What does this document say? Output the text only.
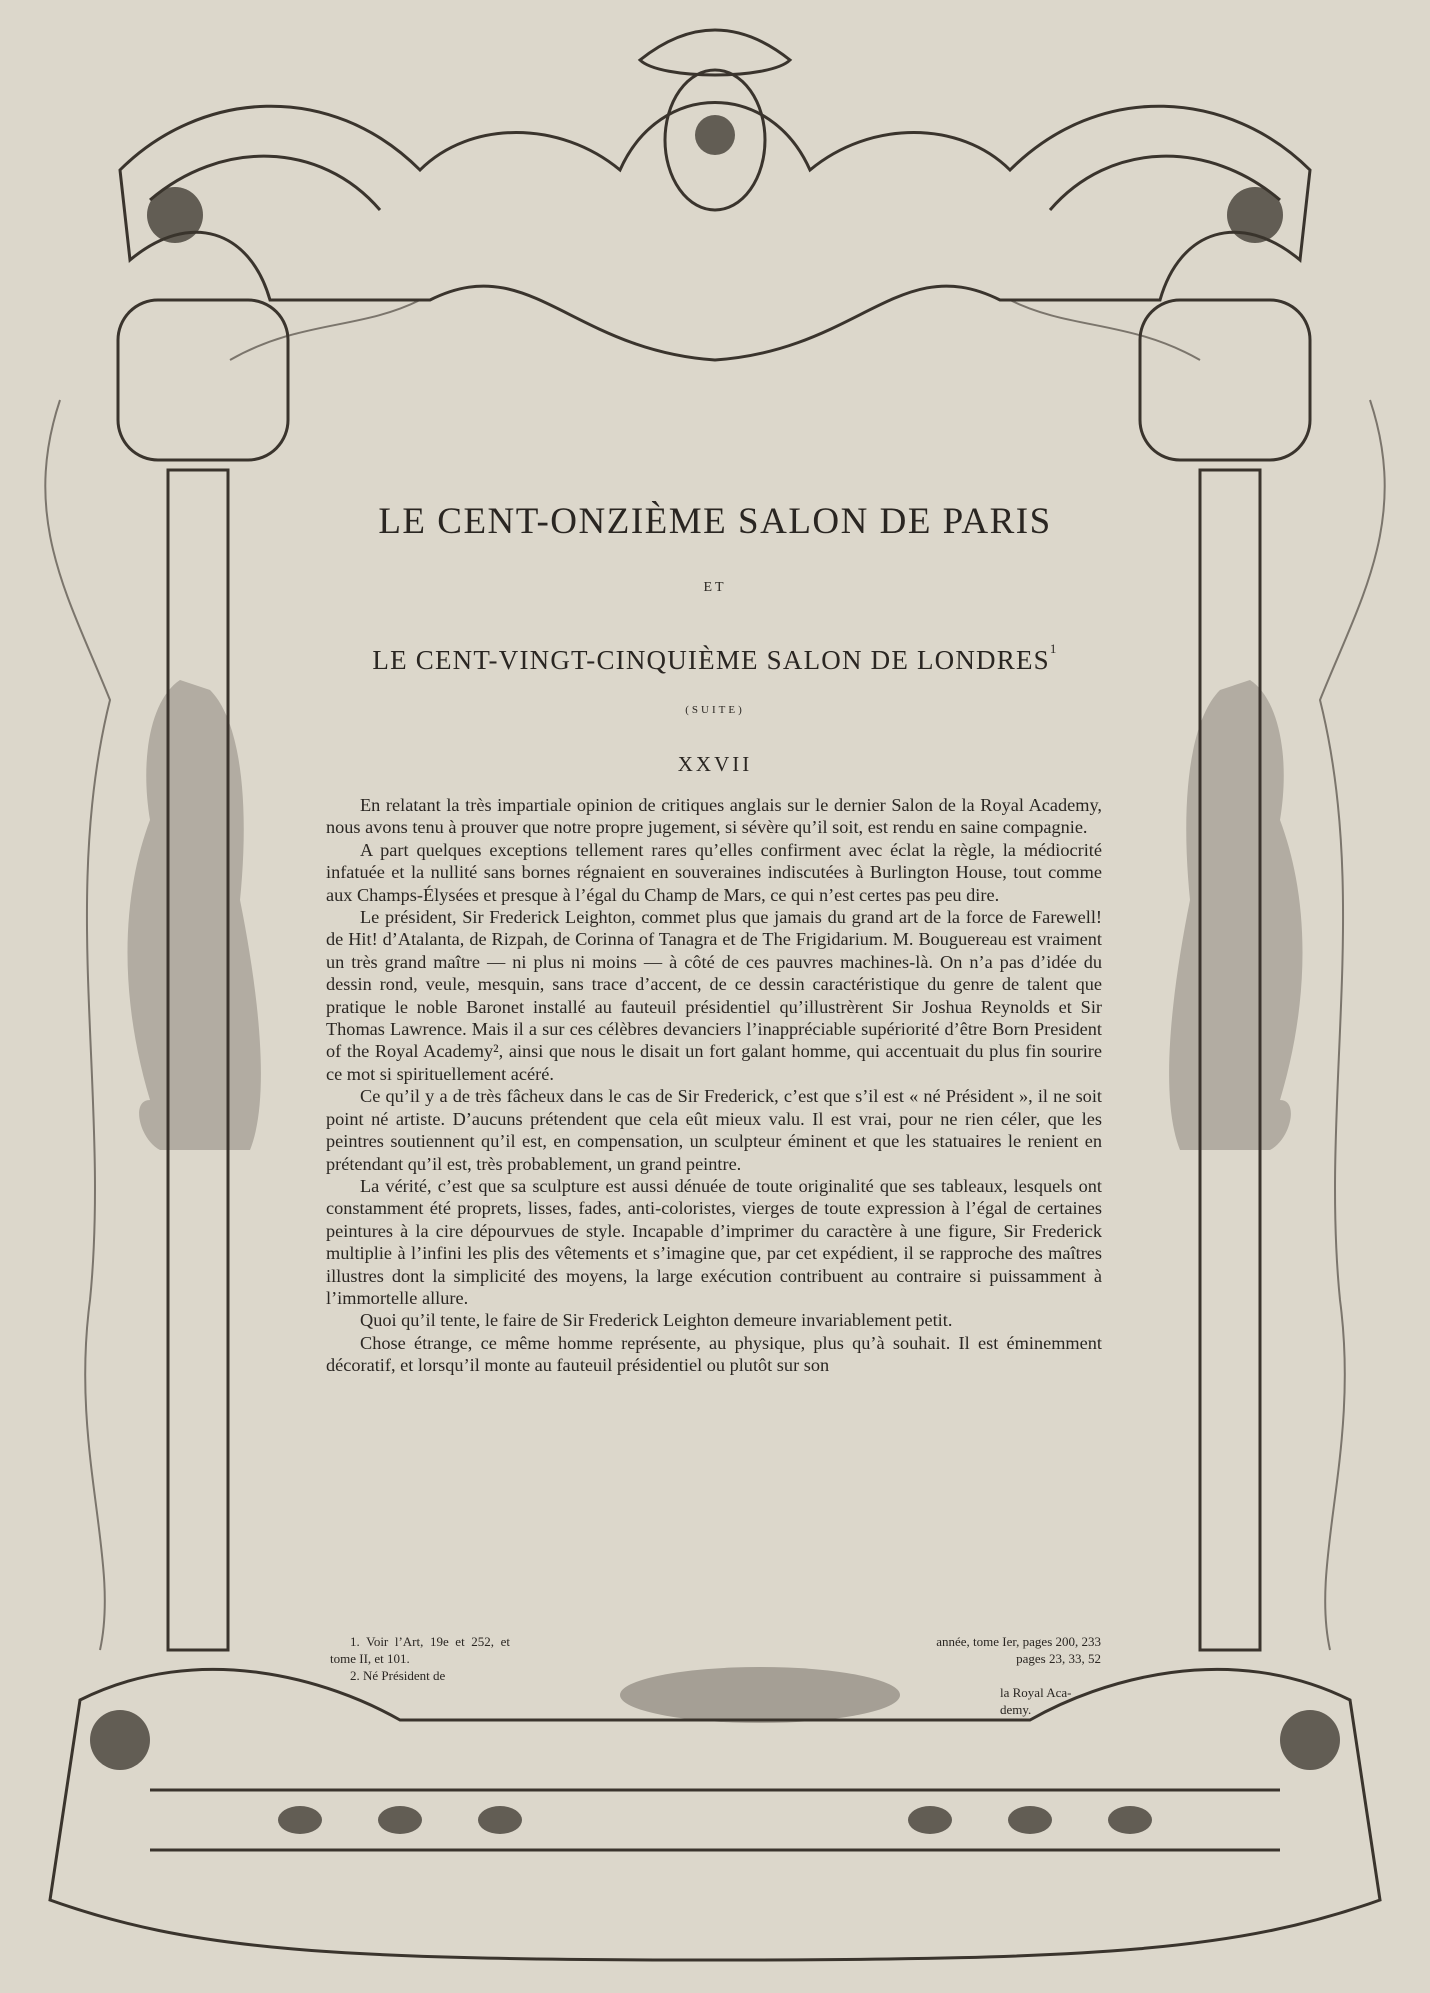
LE CENT-ONZIÈME SALON DE PARIS
ET
LE CENT-VINGT-CINQUIÈME SALON DE LONDRES$^1$
(SUITE)
XXVII

En relatant la très impartiale opinion de critiques anglais sur le dernier Salon de la Royal Academy, nous avons tenu à prouver que notre propre jugement, si sévère qu’il soit, est rendu en saine compagnie.

A part quelques exceptions tellement rares qu’elles confirment avec éclat la règle, la médiocrité infatuée et la nullité sans bornes régnaient en souveraines indiscutées à Burlington House, tout comme aux Champs-Élysées et presque à l’égal du Champ de Mars, ce qui n’est certes pas peu dire.

Le président, Sir Frederick Leighton, commet plus que jamais du grand art de la force de Farewell! de Hit! d’Atalanta, de Rizpah, de Corinna of Tanagra et de The Frigidarium. M. Bouguereau est vraiment un très grand maître — ni plus ni moins — à côté de ces pauvres machines-là. On n’a pas d’idée du dessin rond, veule, mesquin, sans trace d’accent, de ce dessin caractéristique du genre de talent que pratique le noble Baronet installé au fauteuil présidentiel qu’illustrèrent Sir Joshua Reynolds et Sir Thomas Lawrence. Mais il a sur ces célèbres devanciers l’inappréciable supériorité d’être Born President of the Royal Academy², ainsi que nous le disait un fort galant homme, qui accentuait du plus fin sourire ce mot si spirituellement acéré.

Ce qu’il y a de très fâcheux dans le cas de Sir Frederick, c’est que s’il est « né Président », il ne soit point né artiste. D’aucuns prétendent que cela eût mieux valu. Il est vrai, pour ne rien céler, que les peintres soutiennent qu’il est, en compensation, un sculpteur éminent et que les statuaires le renient en prétendant qu’il est, très probablement, un grand peintre.

La vérité, c’est que sa sculpture est aussi dénuée de toute originalité que ses tableaux, lesquels ont constamment été proprets, lisses, fades, anti-coloristes, vierges de toute expression à l’égal de certaines peintures à la cire dépourvues de style. Incapable d’imprimer du caractère à une figure, Sir Frederick multiplie à l’infini les plis des vêtements et s’imagine que, par cet expédient, il se rapproche des maîtres illustres dont la simplicité des moyens, la large exécution contribuent au contraire si puissamment à l’immortelle allure.

Quoi qu’il tente, le faire de Sir Frederick Leighton demeure invariablement petit.

Chose étrange, ce même homme représente, au physique, plus qu’à souhait. Il est éminemment décoratif, et lorsqu’il monte au fauteuil présidentiel ou plutôt sur son

1. Voir l’Art, 19e et 252, et tome II, et 101.

2. Né Président de

année, tome Ier, pages 200, 233

pages 23, 33, 52

la Royal Aca-

demy.
